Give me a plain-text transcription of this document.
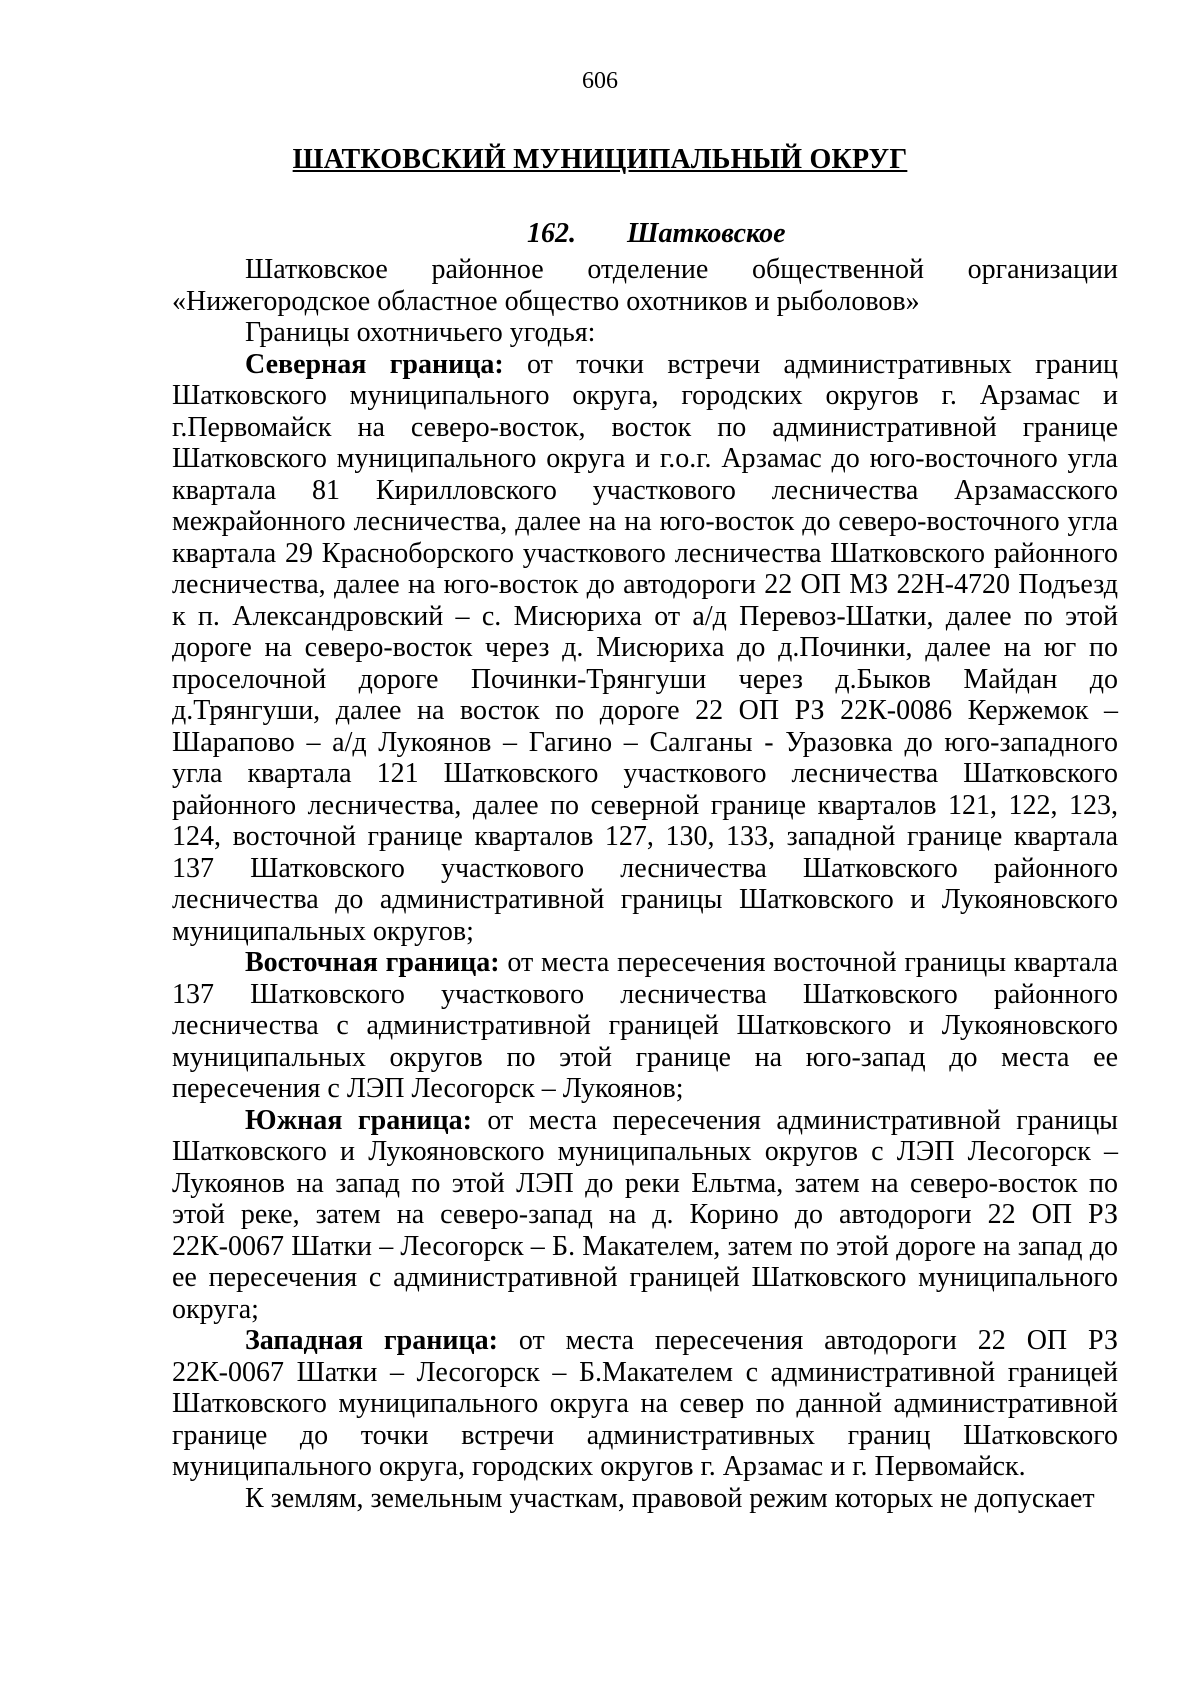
606
ШАТКОВСКИЙ МУНИЦИПАЛЬНЫЙ ОКРУГ
162. Шатковское

Шатковское районное отделение общественной организации «Нижегородское областное общество охотников и рыболовов»

Границы охотничьего угодья:

Северная граница: от точки встречи административных границ Шатковского муниципального округа, городских округов г. Арзамас и г.Первомайск на северо-восток, восток по административной границе Шатковского муниципального округа и г.о.г. Арзамас до юго-восточного угла квартала 81 Кирилловского участкового лесничества Арзамасского межрайонного лесничества, далее на на юго-восток до северо-восточного угла квартала 29 Красноборского участкового лесничества Шатковского районного лесничества, далее на юго-восток до автодороги 22 ОП МЗ 22Н-4720 Подъезд к п. Александровский – с. Мисюриха от а/д Перевоз-Шатки, далее по этой дороге на северо-восток через д. Мисюриха до д.Починки, далее на юг по проселочной дороге Починки-Трянгуши через д.Быков Майдан до д.Трянгуши, далее на восток по дороге 22 ОП РЗ 22К-0086 Кержемок – Шарапово – а/д Лукоянов – Гагино – Салганы - Уразовка до юго-западного угла квартала 121 Шатковского участкового лесничества Шатковского районного лесничества, далее по северной границе кварталов 121, 122, 123, 124, восточной границе кварталов 127, 130, 133, западной границе квартала 137 Шатковского участкового лесничества Шатковского районного лесничества до административной границы Шатковского и Лукояновского муниципальных округов;

Восточная граница: от места пересечения восточной границы квартала 137 Шатковского участкового лесничества Шатковского районного лесничества с административной границей Шатковского и Лукояновского муниципальных округов по этой границе на юго-запад до места ее пересечения с ЛЭП Лесогорск – Лукоянов;

Южная граница: от места пересечения административной границы Шатковского и Лукояновского муниципальных округов с ЛЭП Лесогорск – Лукоянов на запад по этой ЛЭП до реки Ельтма, затем на северо-восток по этой реке, затем на северо-запад на д. Корино до автодороги 22 ОП РЗ 22К-0067 Шатки – Лесогорск – Б. Макателем, затем по этой дороге на запад до ее пересечения с административной границей Шатковского муниципального округа;

Западная граница: от места пересечения автодороги 22 ОП РЗ 22К-0067 Шатки – Лесогорск – Б.Макателем с административной границей Шатковского муниципального округа на север по данной административной границе до точки встречи административных границ Шатковского муниципального округа, городских округов г. Арзамас и г. Первомайск.

К землям, земельным участкам, правовой режим которых не допускает
